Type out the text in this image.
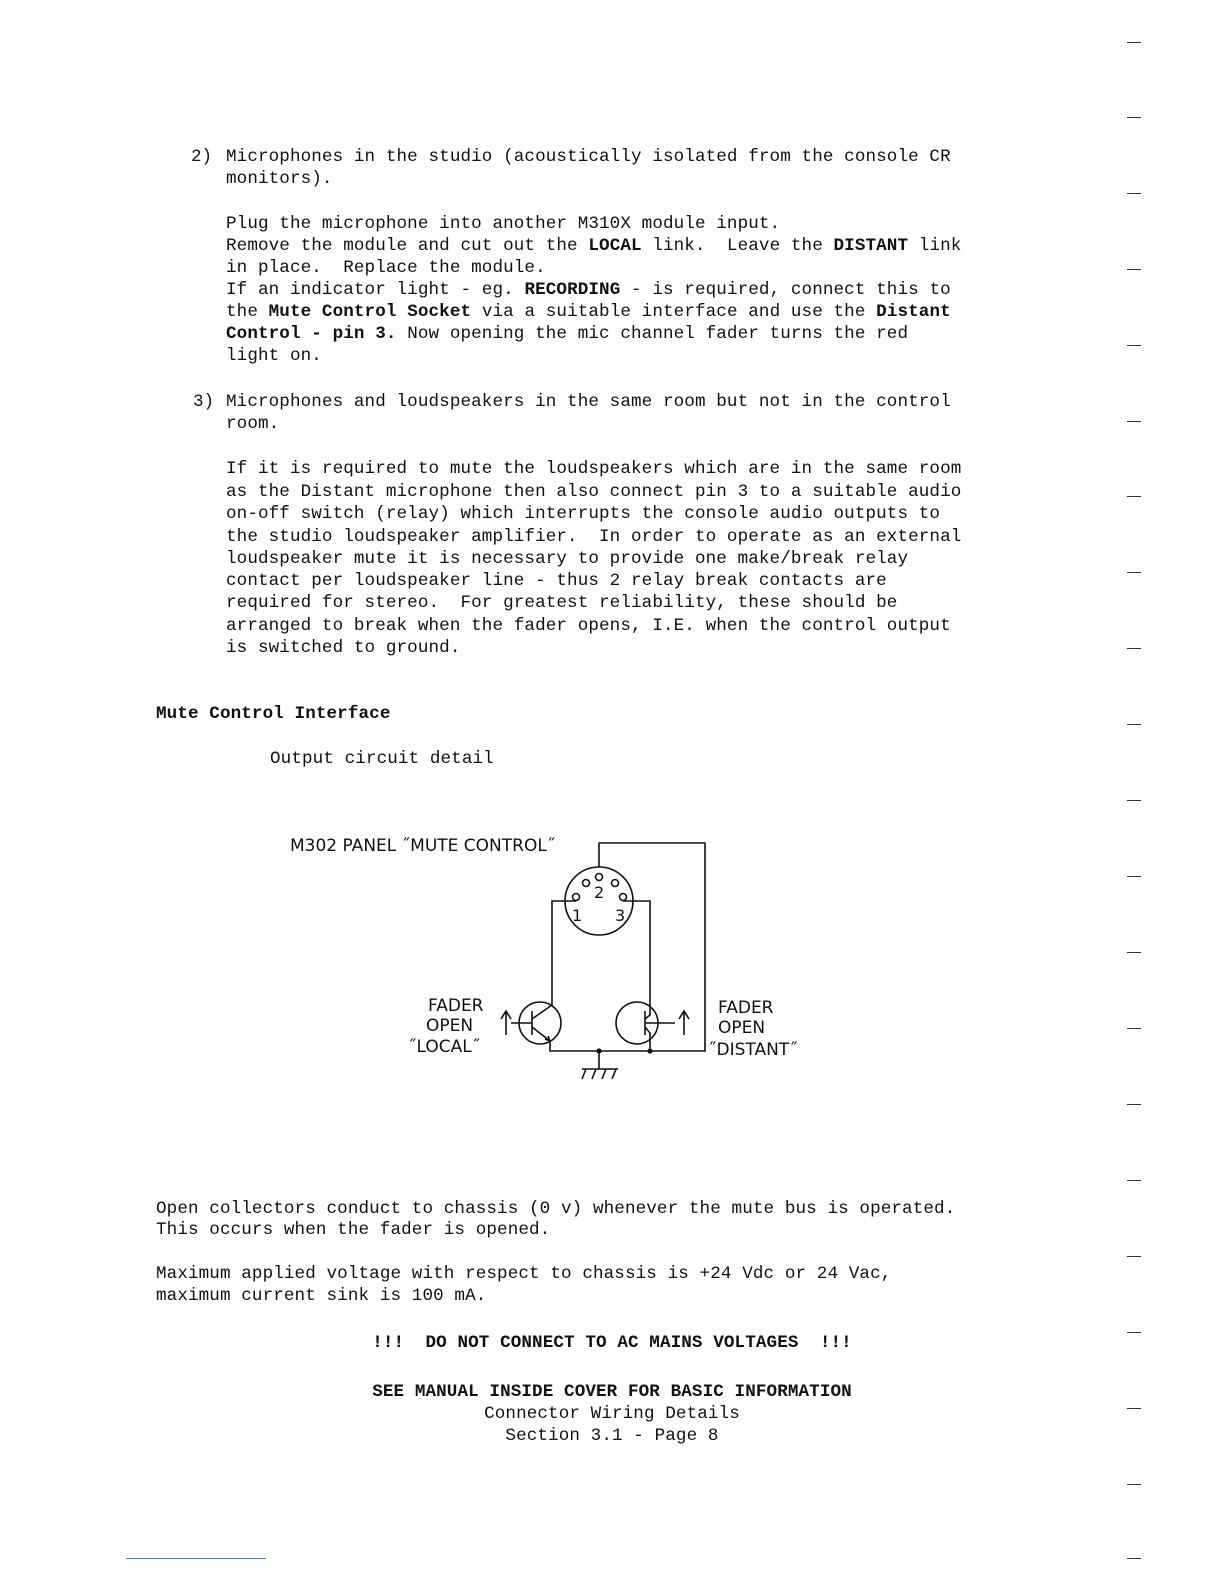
2) Microphones in the studio (acoustically isolated from the console CR
monitors).
Plug the microphone into another M310X module input.
Remove the module and cut out the LOCAL link.  Leave the DISTANT link
in place.  Replace the module.
If an indicator light - eg. RECORDING - is required, connect this to
the Mute Control Socket via a suitable interface and use the Distant
Control - pin 3. Now opening the mic channel fader turns the red
light on.
3) Microphones and loudspeakers in the same room but not in the control
room.
If it is required to mute the loudspeakers which are in the same room
as the Distant microphone then also connect pin 3 to a suitable audio
on-off switch (relay) which interrupts the console audio outputs to
the studio loudspeaker amplifier.  In order to operate as an external
loudspeaker mute it is necessary to provide one make/break relay
contact per loudspeaker line - thus 2 relay break contacts are
required for stereo.  For greatest reliability, these should be
arranged to break when the fader opens, I.E. when the control output
is switched to ground.
Mute Control Interface
Output circuit detail
2
1 3
M302 PANEL ˝MUTE CONTROL˝
FADER
OPEN
˝LOCAL˝
FADER
OPEN
˝DISTANT˝
Open collectors conduct to chassis (0 v) whenever the mute bus is operated.
This occurs when the fader is opened.
Maximum applied voltage with respect to chassis is +24 Vdc or 24 Vac,
maximum current sink is 100 mA.
!!!  DO NOT CONNECT TO AC MAINS VOLTAGES  !!!
SEE MANUAL INSIDE COVER FOR BASIC INFORMATION
Connector Wiring Details
Section 3.1 - Page 8
